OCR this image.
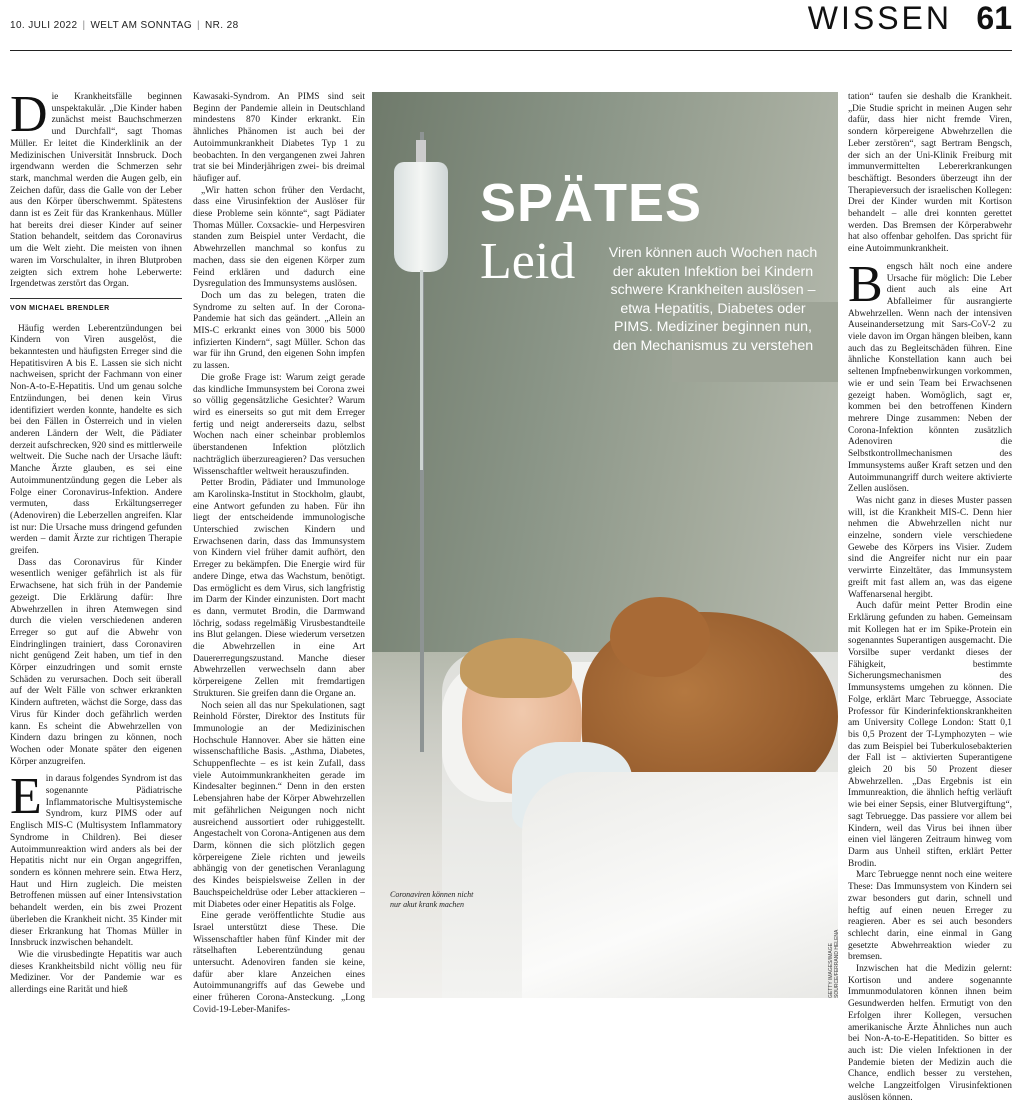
10. JULI 2022 | WELT AM SONNTAG | NR. 28	WISSEN 61

Die Krankheitsfälle beginnen unspektakulär. „Die Kinder haben zunächst meist Bauchschmerzen und Durchfall“, sagt Thomas Müller. Er leitet die Kinderklinik an der Medizinischen Universität Innsbruck. Doch irgendwann werden die Schmerzen sehr stark, manchmal werden die Augen gelb, ein Zeichen dafür, dass die Galle von der Leber aus den Körper überschwemmt. Spätestens dann ist es Zeit für das Krankenhaus. Müller hat bereits drei dieser Kinder auf seiner Station behandelt, seitdem das Coronavirus um die Welt zieht. Die meisten von ihnen waren im Vorschulalter, in ihren Blutproben zeigten sich extrem hohe Leberwerte: Irgendetwas zerstört das Organ.

VON MICHAEL BRENDLER

Häufig werden Leberentzündungen bei Kindern von Viren ausgelöst, die bekanntesten und häufigsten Erreger sind die Hepatitisviren A bis E. Lassen sie sich nicht nachweisen, spricht der Fachmann von einer Non-A-to-E-Hepatitis. Und um genau solche Entzündungen, bei denen kein Virus identifiziert werden konnte, handelte es sich bei den Fällen in Österreich und in vielen anderen Ländern der Welt, die Pädiater derzeit aufschrecken, 920 sind es mittlerweile weltweit. Die Suche nach der Ursache läuft: Manche Ärzte glauben, es sei eine Autoimmunentzündung gegen die Leber als Folge einer Coronavirus-Infektion. Andere vermuten, dass Erkältungserreger (Adenoviren) die Leberzellen angreifen. Klar ist nur: Die Ursache muss dringend gefunden werden – damit Ärzte zur richtigen Therapie greifen.

Dass das Coronavirus für Kinder wesentlich weniger gefährlich ist als für Erwachsene, hat sich früh in der Pandemie gezeigt. Die Erklärung dafür: Ihre Abwehrzellen in ihren Atemwegen sind durch die vielen verschiedenen anderen Erreger so gut auf die Abwehr von Eindringlingen trainiert, dass Coronaviren nicht genügend Zeit haben, um tief in den Körper einzudringen und somit ernste Schäden zu verursachen. Doch seit überall auf der Welt Fälle von schwer erkrankten Kindern auftreten, wächst die Sorge, dass das Virus für Kinder doch gefährlich werden kann. Es scheint die Abwehrzellen von Kindern dazu bringen zu können, noch Wochen oder Monate später den eigenen Körper anzugreifen.

Ein daraus folgendes Syndrom ist das sogenannte Pädiatrische Inflammatorische Multisystemische Syndrom, kurz PIMS oder auf Englisch MIS-C (Multisystem Inflammatory Syndrome in Children). Bei dieser Autoimmunreaktion wird anders als bei der Hepatitis nicht nur ein Organ angegriffen, sondern es können mehrere sein. Etwa Herz, Haut und Hirn zugleich. Die meisten Betroffenen müssen auf einer Intensivstation behandelt werden, ein bis zwei Prozent überleben die Krankheit nicht. 35 Kinder mit dieser Erkrankung hat Thomas Müller in Innsbruck inzwischen behandelt.

Wie die virusbedingte Hepatitis war auch dieses Krankheitsbild nicht völlig neu für Mediziner. Vor der Pandemie war es allerdings eine Rarität und hieß

Kawasaki-Syndrom. An PIMS sind seit Beginn der Pandemie allein in Deutschland mindestens 870 Kinder erkrankt. Ein ähnliches Phänomen ist auch bei der Autoimmunkrankheit Diabetes Typ 1 zu beobachten. In den vergangenen zwei Jahren trat sie bei Minderjährigen zwei- bis dreimal häufiger auf.

„Wir hatten schon früher den Verdacht, dass eine Virusinfektion der Auslöser für diese Probleme sein könnte“, sagt Pädiater Thomas Müller. Coxsackie- und Herpesviren standen zum Beispiel unter Verdacht, die Abwehrzellen manchmal so konfus zu machen, dass sie den eigenen Körper zum Feind erklären und dadurch eine Dysregulation des Immunsystems auslösen.

Doch um das zu belegen, traten die Syndrome zu selten auf. In der Corona-Pandemie hat sich das geändert. „Allein an MIS-C erkrankt eines von 3000 bis 5000 infizierten Kindern“, sagt Müller. Schon das war für ihn Grund, den eigenen Sohn impfen zu lassen.

Die große Frage ist: Warum zeigt gerade das kindliche Immunsystem bei Corona zwei so völlig gegensätzliche Gesichter? Warum wird es einerseits so gut mit dem Erreger fertig und neigt andererseits dazu, selbst Wochen nach einer scheinbar problemlos überstandenen Infektion plötzlich nachträglich überzureagieren? Das versuchen Wissenschaftler weltweit herauszufinden.

Petter Brodin, Pädiater und Immunologe am Karolinska-Institut in Stockholm, glaubt, eine Antwort gefunden zu haben. Für ihn liegt der entscheidende immunologische Unterschied zwischen Kindern und Erwachsenen darin, dass das Immunsystem von Kindern viel früher damit aufhört, den Erreger zu bekämpfen. Die Energie wird für andere Dinge, etwa das Wachstum, benötigt. Das ermöglicht es dem Virus, sich langfristig im Darm der Kinder einzunisten. Dort macht es dann, vermutet Brodin, die Darmwand löchrig, sodass regelmäßig Virusbestandteile ins Blut gelangen. Diese wiederum versetzen die Abwehrzellen in eine Art Dauererregungszustand. Manche dieser Abwehrzellen verwechseln dann aber körpereigene Zellen mit fremdartigen Strukturen. Sie greifen dann die Organe an.

Noch seien all das nur Spekulationen, sagt Reinhold Förster, Direktor des Instituts für Immunologie an der Medizinischen Hochschule Hannover. Aber sie hätten eine wissenschaftliche Basis. „Asthma, Diabetes, Schuppenflechte – es ist kein Zufall, dass viele Autoimmunkrankheiten gerade im Kindesalter beginnen.“ Denn in den ersten Lebensjahren habe der Körper Abwehrzellen mit gefährlichen Neigungen noch nicht ausreichend aussortiert oder ruhiggestellt. Angestachelt von Corona-Antigenen aus dem Darm, können die sich plötzlich gegen körpereigene Ziele richten und jeweils abhängig von der genetischen Veranlagung des Kindes beispielsweise Zellen in der Bauchspeicheldrüse oder Leber attackieren – mit Diabetes oder einer Hepatitis als Folge.

Eine gerade veröffentlichte Studie aus Israel unterstützt diese These. Die Wissenschaftler haben fünf Kinder mit der rätselhaften Leberentzündung genau untersucht. Adenoviren fanden sie keine, dafür aber klare Anzeichen eines Autoimmunangriffs auf das Gewebe und einer früheren Corona-Ansteckung. „Long Covid-19-Leber-Manifes-

SPÄTES
Leid Viren können auch Wochen nach der akuten Infektion bei Kindern schwere Krankheiten auslösen – etwa Hepatitis, Diabetes oder PIMS. Mediziner beginnen nun, den Mechanismus zu verstehen
Coronaviren können nicht nur akut krank machen
GETTY IMAGES/IMAGE SOURCE/FERRAND HELENA

tation“ taufen sie deshalb die Krankheit. „Die Studie spricht in meinen Augen sehr dafür, dass hier nicht fremde Viren, sondern körpereigene Abwehrzellen die Leber zerstören“, sagt Bertram Bengsch, der sich an der Uni-Klinik Freiburg mit immunvermittelten Lebererkrankungen beschäftigt. Besonders überzeugt ihn der Therapieversuch der israelischen Kollegen: Drei der Kinder wurden mit Kortison behandelt – alle drei konnten gerettet werden. Das Bremsen der Körperabwehr hat also offenbar geholfen. Das spricht für eine Autoimmunkrankheit.

Bengsch hält noch eine andere Ursache für möglich: Die Leber dient auch als eine Art Abfalleimer für ausrangierte Abwehrzellen. Wenn nach der intensiven Auseinandersetzung mit Sars-CoV-2 zu viele davon im Organ hängen bleiben, kann auch das zu Begleitschäden führen. Eine ähnliche Konstellation kann auch bei seltenen Impfnebenwirkungen vorkommen, wie er und sein Team bei Erwachsenen gezeigt haben. Womöglich, sagt er, kommen bei den betroffenen Kindern mehrere Dinge zusammen: Neben der Corona-Infektion könnten zusätzlich Adenoviren die Selbstkontrollmechanismen des Immunsystems außer Kraft setzen und den Autoimmunangriff durch weitere aktivierte Zellen auslösen.

Was nicht ganz in dieses Muster passen will, ist die Krankheit MIS-C. Denn hier nehmen die Abwehrzellen nicht nur einzelne, sondern viele verschiedene Gewebe des Körpers ins Visier. Zudem sind die Angreifer nicht nur ein paar verwirrte Einzeltäter, das Immunsystem greift mit fast allem an, was das eigene Waffenarsenal hergibt.

Auch dafür meint Petter Brodin eine Erklärung gefunden zu haben. Gemeinsam mit Kollegen hat er im Spike-Protein ein sogenanntes Superantigen ausgemacht. Die Vorsilbe super verdankt dieses der Fähigkeit, bestimmte Sicherungsmechanismen des Immunsystems umgehen zu können. Die Folge, erklärt Marc Tebruegge, Associate Professor für Kinderinfektionskrankheiten am University College London: Statt 0,1 bis 0,5 Prozent der T-Lymphozyten – wie das zum Beispiel bei Tuberkulosebakterien der Fall ist – aktivierten Superantigene gleich 20 bis 50 Prozent dieser Abwehrzellen. „Das Ergebnis ist ein Immunreaktion, die ähnlich heftig verläuft wie bei einer Sepsis, einer Blutvergiftung“, sagt Tebruegge. Das passiere vor allem bei Kindern, weil das Virus bei ihnen über einen viel längeren Zeitraum hinweg vom Darm aus Unheil stiften, erklärt Petter Brodin.

Marc Tebruegge nennt noch eine weitere These: Das Immunsystem von Kindern sei zwar besonders gut darin, schnell und heftig auf einen neuen Erreger zu reagieren. Aber es sei auch besonders schlecht darin, eine einmal in Gang gesetzte Abwehrreaktion wieder zu bremsen.

Inzwischen hat die Medizin gelernt: Kortison und andere sogenannte Immunmodulatoren können ihnen beim Gesundwerden helfen. Ermutigt von den Erfolgen ihrer Kollegen, versuchen amerikanische Ärzte Ähnliches nun auch bei Non-A-to-E-Hepatitiden. So bitter es auch ist: Die vielen Infektionen in der Pandemie bieten der Medizin auch die Chance, endlich besser zu verstehen, welche Langzeitfolgen Virusinfektionen auslösen können.
